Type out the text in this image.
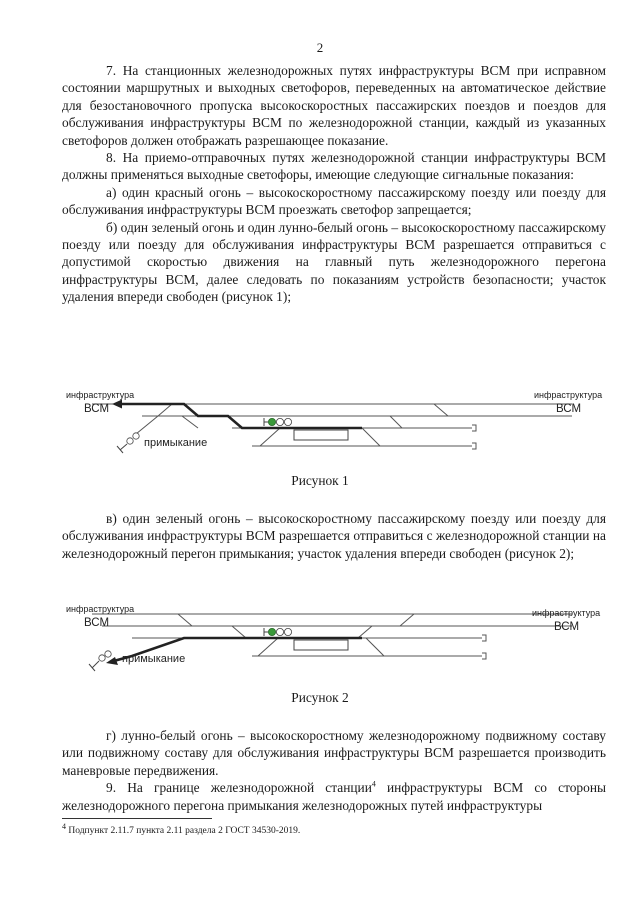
2

7. На станционных железнодорожных путях инфраструктуры ВСМ при исправном состоянии маршрутных и выходных светофоров, переведенных на автоматическое действие для безостановочного пропуска высокоскоростных пассажирских поездов и поездов для обслуживания инфраструктуры ВСМ по железнодорожной станции, каждый из указанных светофоров должен отображать разрешающее показание.

8. На приемо-отправочных путях железнодорожной станции инфраструктуры ВСМ должны применяться выходные светофоры, имеющие следующие сигнальные показания:

а) один красный огонь – высокоскоростному пассажирскому поезду или поезду для обслуживания инфраструктуры ВСМ проезжать светофор запрещается;

б) один зеленый огонь и один лунно-белый огонь – высокоскоростному пассажирскому поезду или поезду для обслуживания инфраструктуры ВСМ разрешается отправиться с допустимой скоростью движения на главный путь железнодорожного перегона инфраструктуры ВСМ, далее следовать по показаниям устройств безопасности; участок удаления впереди свободен (рисунок 1);

инфраструктура
ВСМ
инфраструктура
ВСМ
примыкание
Рисунок 1

в) один зеленый огонь – высокоскоростному пассажирскому поезду или поезду для обслуживания инфраструктуры ВСМ разрешается отправиться с железнодорожной станции на железнодорожный перегон примыкания; участок удаления впереди свободен (рисунок 2);

инфраструктура
ВСМ
инфраструктура
ВСМ
примыкание
Рисунок 2

г) лунно-белый огонь – высокоскоростному железнодорожному подвижному составу или подвижному составу для обслуживания инфраструктуры ВСМ разрешается производить маневровые передвижения.

9. На границе железнодорожной станции$^4$ инфраструктуры ВСМ со стороны железнодорожного перегона примыкания железнодорожных путей инфраструктуры

$^4$ Подпункт 2.11.7 пункта 2.11 раздела 2 ГОСТ 34530-2019.
